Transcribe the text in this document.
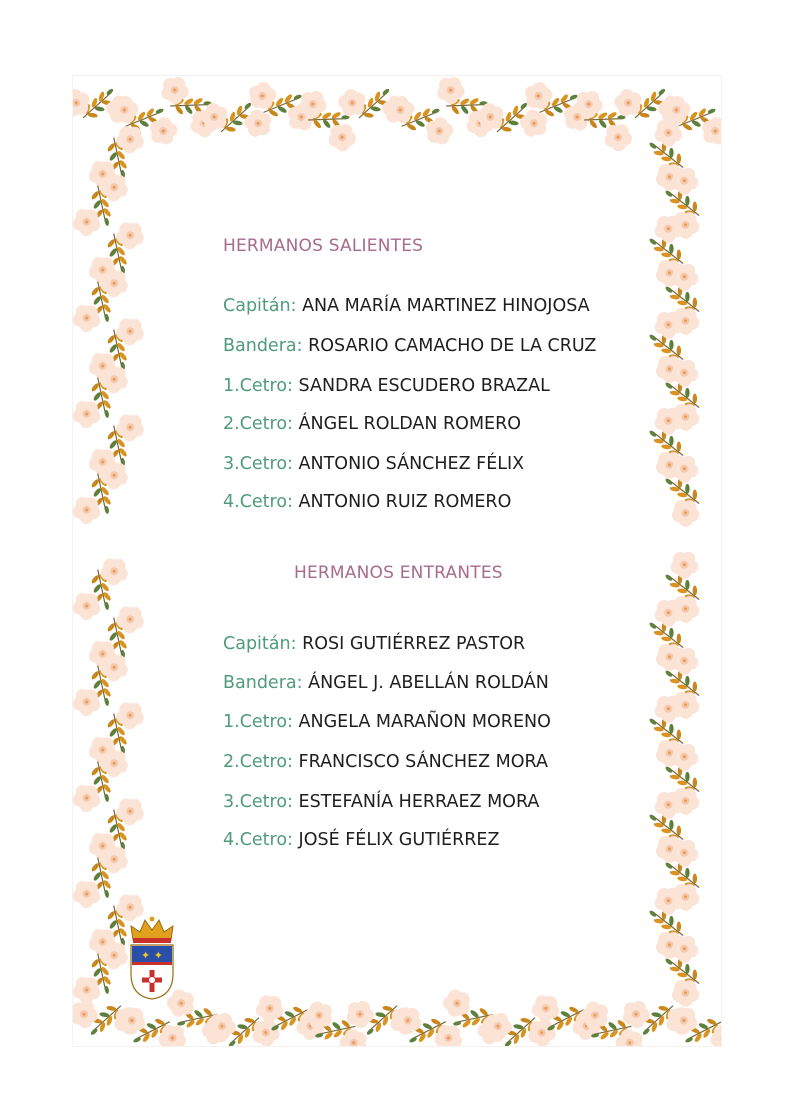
HERMANOS SALIENTES
Capitán: ANA MARÍA MARTINEZ HINOJOSA
Bandera: ROSARIO CAMACHO DE LA CRUZ
1.Cetro: SANDRA ESCUDERO BRAZAL
2.Cetro: ÁNGEL ROLDAN ROMERO
3.Cetro: ANTONIO SÁNCHEZ FÉLIX
4.Cetro: ANTONIO RUIZ ROMERO
HERMANOS ENTRANTES
Capitán: ROSI GUTIÉRREZ PASTOR
Bandera: ÁNGEL J. ABELLÁN ROLDÁN
1.Cetro: ANGELA MARAÑON MORENO
2.Cetro: FRANCISCO SÁNCHEZ MORA
3.Cetro: ESTEFANÍA HERRAEZ MORA
4.Cetro: JOSÉ FÉLIX GUTIÉRREZ
✦ ✦
